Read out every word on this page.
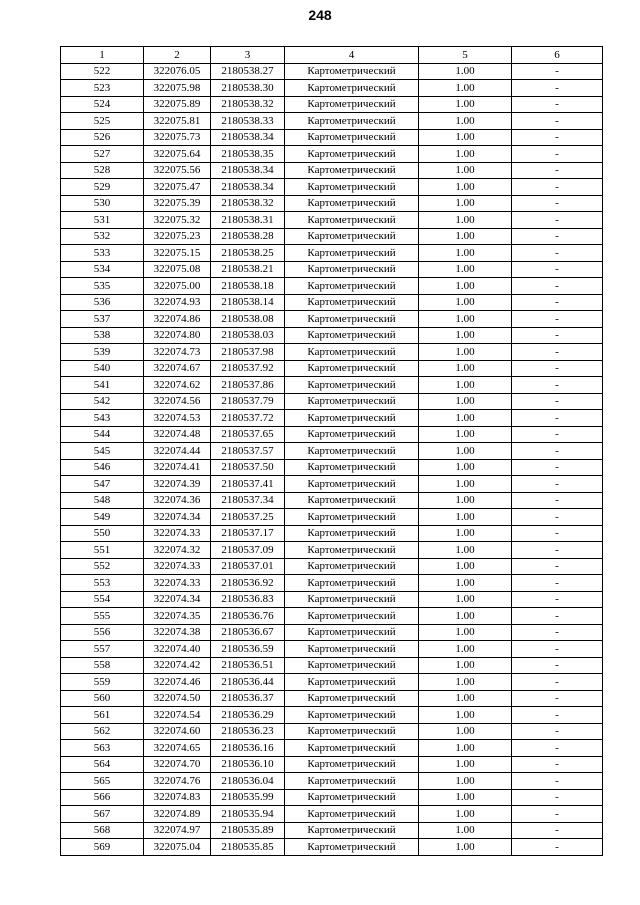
248
1	2	3	4	5	6
522	322076.05	2180538.27	Картометрический	1.00	-
523	322075.98	2180538.30	Картометрический	1.00	-
524	322075.89	2180538.32	Картометрический	1.00	-
525	322075.81	2180538.33	Картометрический	1.00	-
526	322075.73	2180538.34	Картометрический	1.00	-
527	322075.64	2180538.35	Картометрический	1.00	-
528	322075.56	2180538.34	Картометрический	1.00	-
529	322075.47	2180538.34	Картометрический	1.00	-
530	322075.39	2180538.32	Картометрический	1.00	-
531	322075.32	2180538.31	Картометрический	1.00	-
532	322075.23	2180538.28	Картометрический	1.00	-
533	322075.15	2180538.25	Картометрический	1.00	-
534	322075.08	2180538.21	Картометрический	1.00	-
535	322075.00	2180538.18	Картометрический	1.00	-
536	322074.93	2180538.14	Картометрический	1.00	-
537	322074.86	2180538.08	Картометрический	1.00	-
538	322074.80	2180538.03	Картометрический	1.00	-
539	322074.73	2180537.98	Картометрический	1.00	-
540	322074.67	2180537.92	Картометрический	1.00	-
541	322074.62	2180537.86	Картометрический	1.00	-
542	322074.56	2180537.79	Картометрический	1.00	-
543	322074.53	2180537.72	Картометрический	1.00	-
544	322074.48	2180537.65	Картометрический	1.00	-
545	322074.44	2180537.57	Картометрический	1.00	-
546	322074.41	2180537.50	Картометрический	1.00	-
547	322074.39	2180537.41	Картометрический	1.00	-
548	322074.36	2180537.34	Картометрический	1.00	-
549	322074.34	2180537.25	Картометрический	1.00	-
550	322074.33	2180537.17	Картометрический	1.00	-
551	322074.32	2180537.09	Картометрический	1.00	-
552	322074.33	2180537.01	Картометрический	1.00	-
553	322074.33	2180536.92	Картометрический	1.00	-
554	322074.34	2180536.83	Картометрический	1.00	-
555	322074.35	2180536.76	Картометрический	1.00	-
556	322074.38	2180536.67	Картометрический	1.00	-
557	322074.40	2180536.59	Картометрический	1.00	-
558	322074.42	2180536.51	Картометрический	1.00	-
559	322074.46	2180536.44	Картометрический	1.00	-
560	322074.50	2180536.37	Картометрический	1.00	-
561	322074.54	2180536.29	Картометрический	1.00	-
562	322074.60	2180536.23	Картометрический	1.00	-
563	322074.65	2180536.16	Картометрический	1.00	-
564	322074.70	2180536.10	Картометрический	1.00	-
565	322074.76	2180536.04	Картометрический	1.00	-
566	322074.83	2180535.99	Картометрический	1.00	-
567	322074.89	2180535.94	Картометрический	1.00	-
568	322074.97	2180535.89	Картометрический	1.00	-
569	322075.04	2180535.85	Картометрический	1.00	-
